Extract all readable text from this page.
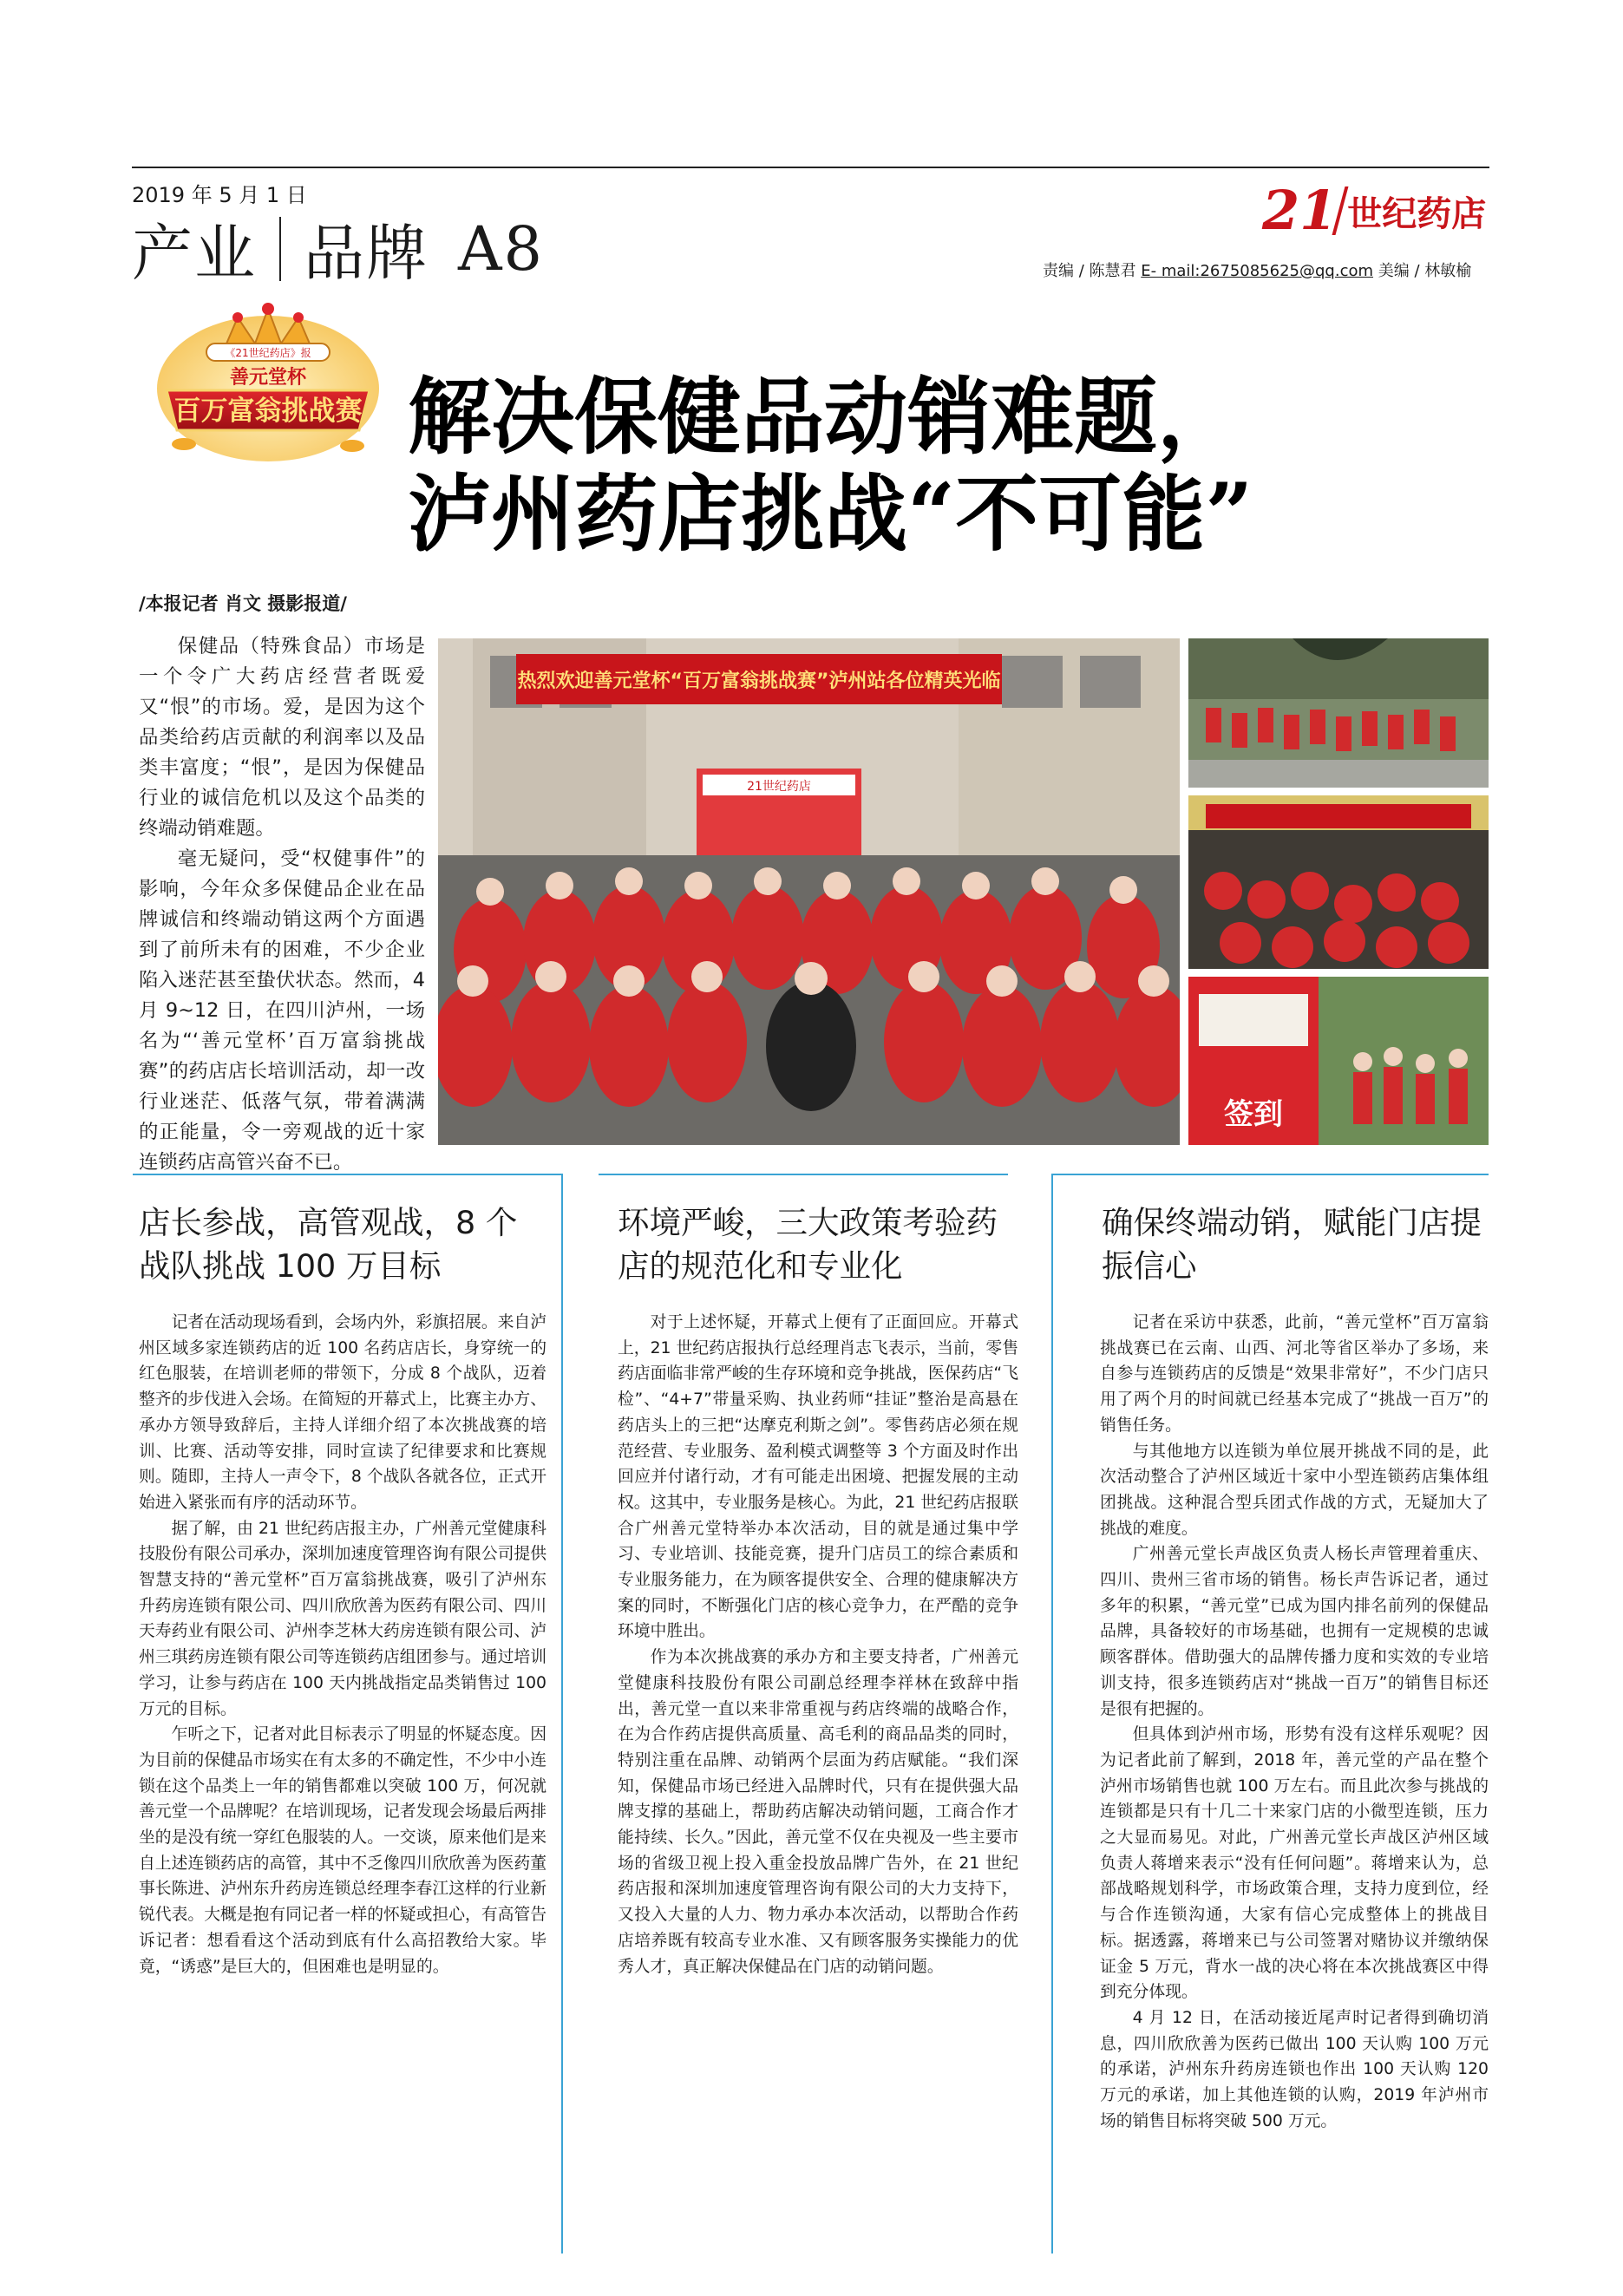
2019 年 5 月 1 日
产业 品牌 A8
21 世纪药店
责编 / 陈慧君 E- mail:2675085625@qq.com 美编 / 林敏榆
《21世纪药店》报
善元堂杯
百万富翁挑战赛 解决保健品动销难题，
泸州药店挑战“不可能”
/本报记者 肖文 摄影报道/

保健品（特殊食品）市场是一个令广大药店经营者既爱又“恨”的市场。爱，是因为这个品类给药店贡献的利润率以及品类丰富度；“恨”，是因为保健品行业的诚信危机以及这个品类的终端动销难题。

毫无疑问，受“权健事件”的影响，今年众多保健品企业在品牌诚信和终端动销这两个方面遇到了前所未有的困难，不少企业陷入迷茫甚至蛰伏状态。然而，4 月 9~12 日，在四川泸州，一场名为“‘善元堂杯’百万富翁挑战赛”的药店店长培训活动，却一改行业迷茫、低落气氛，带着满满的正能量，令一旁观战的近十家连锁药店高管兴奋不已。

热烈欢迎善元堂杯“百万富翁挑战赛”泸州站各位精英光临
21世纪药店
签到
店长参战，高管观战，8 个战队挑战 100 万目标
环境严峻，三大政策考验药店的规范化和专业化
确保终端动销，赋能门店提振信心

记者在活动现场看到，会场内外，彩旗招展。来自泸州区域多家连锁药店的近 100 名药店店长，身穿统一的红色服装，在培训老师的带领下，分成 8 个战队，迈着整齐的步伐进入会场。在简短的开幕式上，比赛主办方、承办方领导致辞后，主持人详细介绍了本次挑战赛的培训、比赛、活动等安排，同时宣读了纪律要求和比赛规则。随即，主持人一声令下，8 个战队各就各位，正式开始进入紧张而有序的活动环节。

据了解，由 21 世纪药店报主办，广州善元堂健康科技股份有限公司承办，深圳加速度管理咨询有限公司提供智慧支持的“善元堂杯”百万富翁挑战赛，吸引了泸州东升药房连锁有限公司、四川欣欣善为医药有限公司、四川天寿药业有限公司、泸州李芝林大药房连锁有限公司、泸州三琪药房连锁有限公司等连锁药店组团参与。通过培训学习，让参与药店在 100 天内挑战指定品类销售过 100 万元的目标。

乍听之下，记者对此目标表示了明显的怀疑态度。因为目前的保健品市场实在有太多的不确定性，不少中小连锁在这个品类上一年的销售都难以突破 100 万，何况就善元堂一个品牌呢？在培训现场，记者发现会场最后两排坐的是没有统一穿红色服装的人。一交谈，原来他们是来自上述连锁药店的高管，其中不乏像四川欣欣善为医药董事长陈进、泸州东升药房连锁总经理李春江这样的行业新锐代表。大概是抱有同记者一样的怀疑或担心，有高管告诉记者：想看看这个活动到底有什么高招教给大家。毕竟，“诱惑”是巨大的，但困难也是明显的。

对于上述怀疑，开幕式上便有了正面回应。开幕式上，21 世纪药店报执行总经理肖志飞表示，当前，零售药店面临非常严峻的生存环境和竞争挑战，医保药店“飞检”、“4+7”带量采购、执业药师“挂证”整治是高悬在药店头上的三把“达摩克利斯之剑”。零售药店必须在规范经营、专业服务、盈利模式调整等 3 个方面及时作出回应并付诸行动，才有可能走出困境、把握发展的主动权。这其中，专业服务是核心。为此，21 世纪药店报联合广州善元堂特举办本次活动，目的就是通过集中学习、专业培训、技能竞赛，提升门店员工的综合素质和专业服务能力，在为顾客提供安全、合理的健康解决方案的同时，不断强化门店的核心竞争力，在严酷的竞争环境中胜出。

作为本次挑战赛的承办方和主要支持者，广州善元堂健康科技股份有限公司副总经理李祥林在致辞中指出，善元堂一直以来非常重视与药店终端的战略合作，在为合作药店提供高质量、高毛利的商品品类的同时，特别注重在品牌、动销两个层面为药店赋能。“我们深知，保健品市场已经进入品牌时代，只有在提供强大品牌支撑的基础上，帮助药店解决动销问题，工商合作才能持续、长久。”因此，善元堂不仅在央视及一些主要市场的省级卫视上投入重金投放品牌广告外，在 21 世纪药店报和深圳加速度管理咨询有限公司的大力支持下，又投入大量的人力、物力承办本次活动，以帮助合作药店培养既有较高专业水准、又有顾客服务实操能力的优秀人才，真正解决保健品在门店的动销问题。

记者在采访中获悉，此前，“善元堂杯”百万富翁挑战赛已在云南、山西、河北等省区举办了多场，来自参与连锁药店的反馈是“效果非常好”，不少门店只用了两个月的时间就已经基本完成了“挑战一百万”的销售任务。

与其他地方以连锁为单位展开挑战不同的是，此次活动整合了泸州区域近十家中小型连锁药店集体组团挑战。这种混合型兵团式作战的方式，无疑加大了挑战的难度。

广州善元堂长声战区负责人杨长声管理着重庆、四川、贵州三省市场的销售。杨长声告诉记者，通过多年的积累，“善元堂”已成为国内排名前列的保健品品牌，具备较好的市场基础，也拥有一定规模的忠诚顾客群体。借助强大的品牌传播力度和实效的专业培训支持，很多连锁药店对“挑战一百万”的销售目标还是很有把握的。

但具体到泸州市场，形势有没有这样乐观呢？因为记者此前了解到，2018 年，善元堂的产品在整个泸州市场销售也就 100 万左右。而且此次参与挑战的连锁都是只有十几二十来家门店的小微型连锁，压力之大显而易见。对此，广州善元堂长声战区泸州区域负责人蒋增来表示“没有任何问题”。蒋增来认为，总部战略规划科学，市场政策合理，支持力度到位，经与合作连锁沟通，大家有信心完成整体上的挑战目标。据透露，蒋增来已与公司签署对赌协议并缴纳保证金 5 万元，背水一战的决心将在本次挑战赛区中得到充分体现。

4 月 12 日，在活动接近尾声时记者得到确切消息，四川欣欣善为医药已做出 100 天认购 100 万元的承诺，泸州东升药房连锁也作出 100 天认购 120 万元的承诺，加上其他连锁的认购，2019 年泸州市场的销售目标将突破 500 万元。
